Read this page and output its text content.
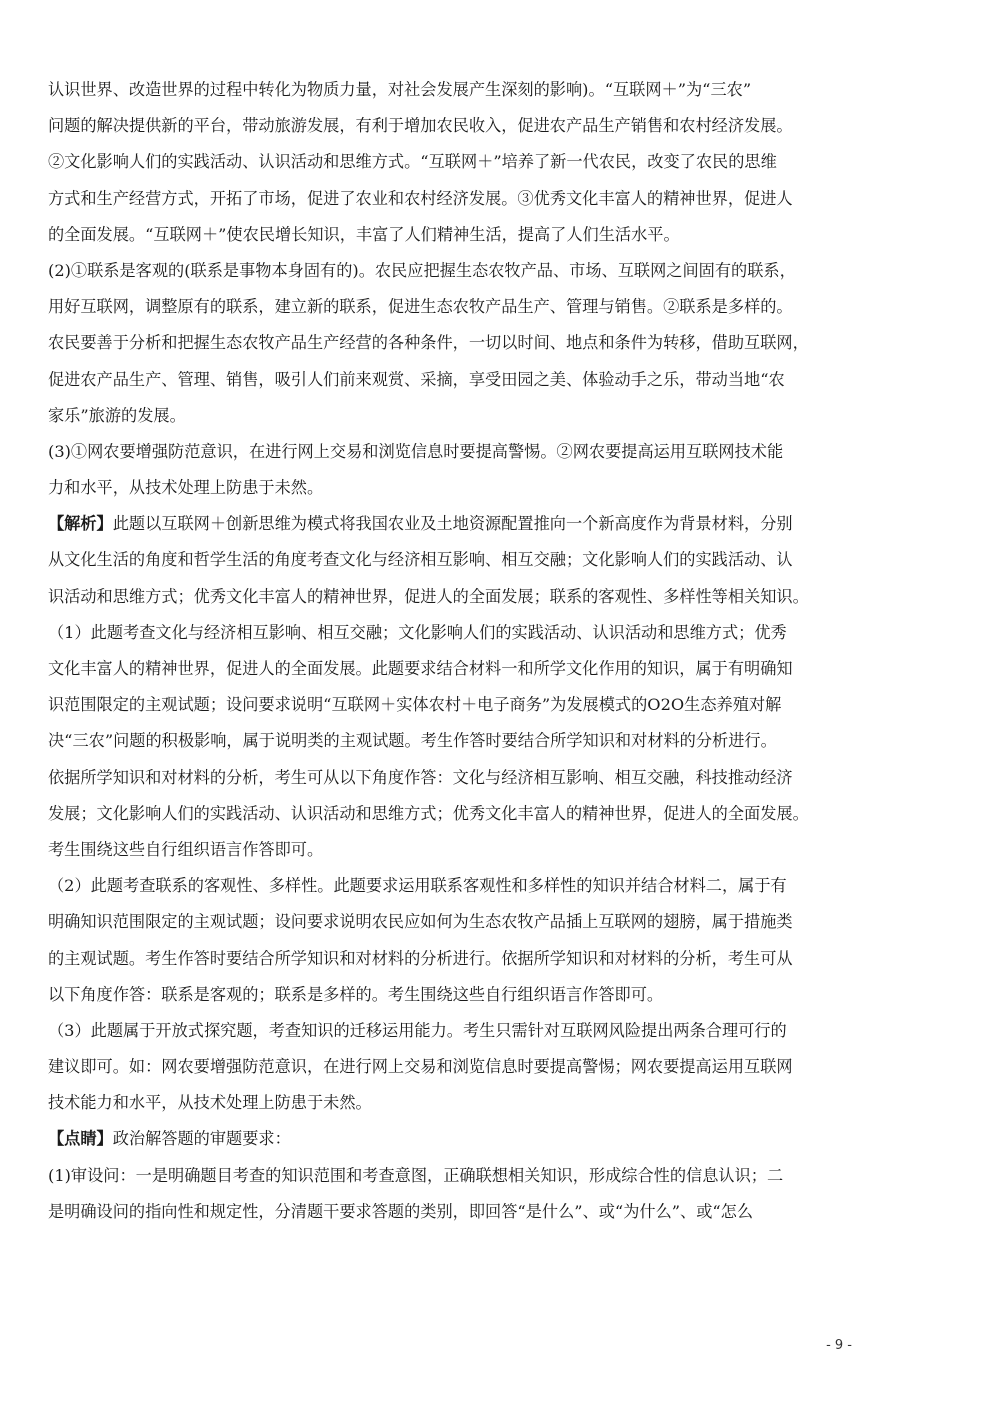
认识世界、改造世界的过程中转化为物质力量，对社会发展产生深刻的影响)。“互联网＋”为“三农”
问题的解决提供新的平台，带动旅游发展，有利于增加农民收入，促进农产品生产销售和农村经济发展。
②文化影响人们的实践活动、认识活动和思维方式。“互联网＋”培养了新一代农民，改变了农民的思维
方式和生产经营方式，开拓了市场，促进了农业和农村经济发展。③优秀文化丰富人的精神世界，促进人
的全面发展。“互联网＋”使农民增长知识，丰富了人们精神生活，提高了人们生活水平。
(2)①联系是客观的(联系是事物本身固有的)。农民应把握生态农牧产品、市场、互联网之间固有的联系，
用好互联网，调整原有的联系，建立新的联系，促进生态农牧产品生产、管理与销售。②联系是多样的。
农民要善于分析和把握生态农牧产品生产经营的各种条件，一切以时间、地点和条件为转移，借助互联网，
促进农产品生产、管理、销售，吸引人们前来观赏、采摘，享受田园之美、体验动手之乐，带动当地“农
家乐”旅游的发展。
(3)①网农要增强防范意识，在进行网上交易和浏览信息时要提高警惕。②网农要提高运用互联网技术能
力和水平，从技术处理上防患于未然。
【解析】此题以互联网＋创新思维为模式将我国农业及土地资源配置推向一个新高度作为背景材料，分别
从文化生活的角度和哲学生活的角度考查文化与经济相互影响、相互交融；文化影响人们的实践活动、认
识活动和思维方式；优秀文化丰富人的精神世界，促进人的全面发展；联系的客观性、多样性等相关知识。
（1）此题考查文化与经济相互影响、相互交融；文化影响人们的实践活动、认识活动和思维方式；优秀
文化丰富人的精神世界，促进人的全面发展。此题要求结合材料一和所学文化作用的知识，属于有明确知
识范围限定的主观试题；设问要求说明“互联网＋实体农村＋电子商务”为发展模式的O2O生态养殖对解
决“三农”问题的积极影响，属于说明类的主观试题。考生作答时要结合所学知识和对材料的分析进行。
依据所学知识和对材料的分析，考生可从以下角度作答：文化与经济相互影响、相互交融，科技推动经济
发展；文化影响人们的实践活动、认识活动和思维方式；优秀文化丰富人的精神世界，促进人的全面发展。
考生围绕这些自行组织语言作答即可。
（2）此题考查联系的客观性、多样性。此题要求运用联系客观性和多样性的知识并结合材料二，属于有
明确知识范围限定的主观试题；设问要求说明农民应如何为生态农牧产品插上互联网的翅膀，属于措施类
的主观试题。考生作答时要结合所学知识和对材料的分析进行。依据所学知识和对材料的分析，考生可从
以下角度作答：联系是客观的；联系是多样的。考生围绕这些自行组织语言作答即可。
（3）此题属于开放式探究题，考查知识的迁移运用能力。考生只需针对互联网风险提出两条合理可行的
建议即可。如：网农要增强防范意识，在进行网上交易和浏览信息时要提高警惕；网农要提高运用互联网
技术能力和水平，从技术处理上防患于未然。
【点睛】政治解答题的审题要求：
(1)审设问：一是明确题目考查的知识范围和考查意图，正确联想相关知识，形成综合性的信息认识；二
是明确设问的指向性和规定性，分清题干要求答题的类别，即回答“是什么”、或“为什么”、或“怎么
- 9 -
